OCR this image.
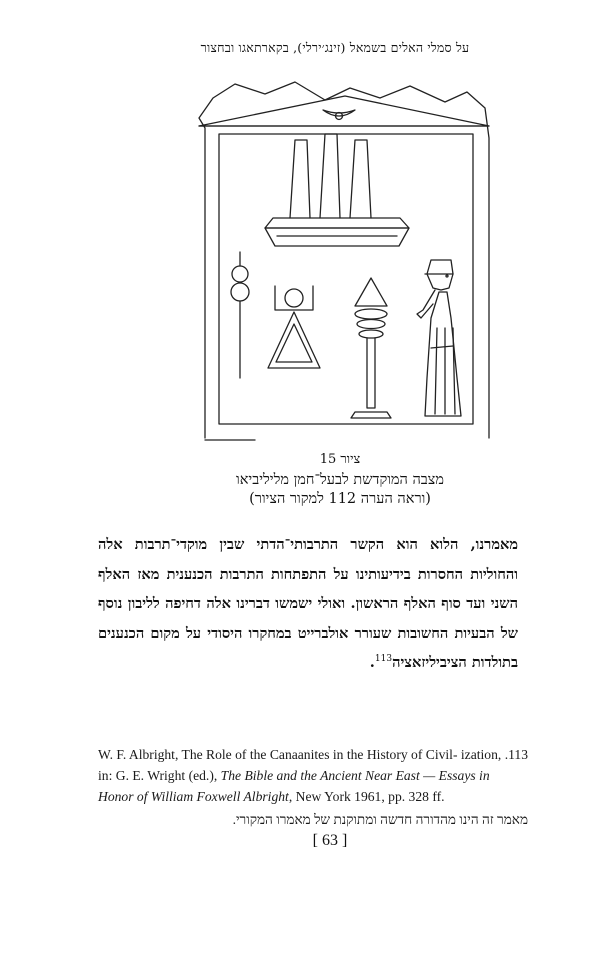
על סמלי האלים בשמאל (זינג׳ירלי), בקארתאגו ובחצור
ציור 15
מצבה המוקדשת לבעל־חמן מליליביאו
(וראה הערה 112 למקור הציור)
מאמרנו, הלוא הוא הקשר התרבותי־הדתי שבין מוקדי־תרבות אלה והחוליות החסרות בידיעותינו על התפתחות התרבות הכנענית מאז האלף השני ועד סוף האלף הראשון. ואולי ישמשו דברינו אלה דחיפה לליבון נוסף של הבעיות החשובות שעורר אולברייט במחקרו היסודי על מקום הכנענים בתולדות הציביליזאציה$^{113}$.
.113
W. F. Albright, The Role of the Canaanites in the History of Civil- ization, in: G. E. Wright (ed.), The Bible and the Ancient Near East — Essays in Honor of William Foxwell Albright, New York 1961, pp. 328 ff.
מאמר זה הינו מהדורה חדשה ומתוקנת של מאמרו המקורי.
[ 63 ]
